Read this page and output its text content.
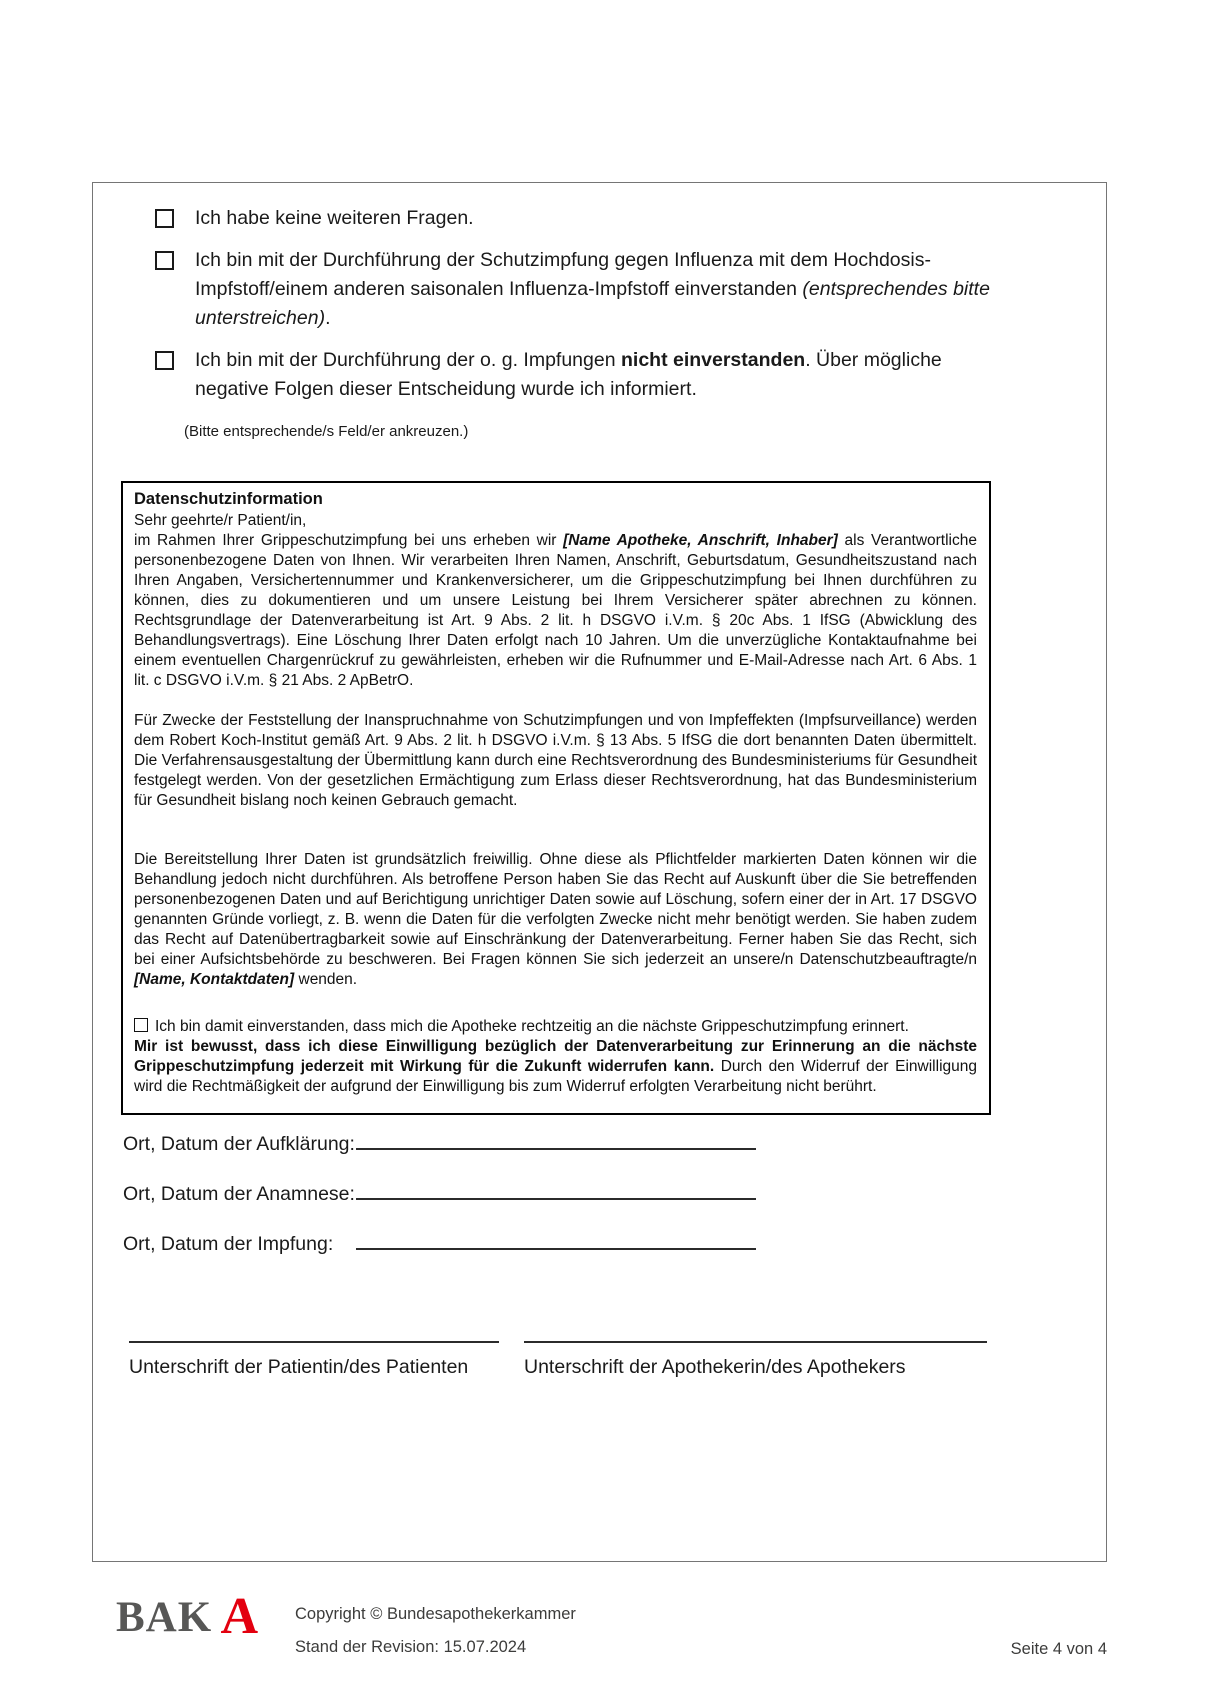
Ich habe keine weiteren Fragen.
Ich bin mit der Durchführung der Schutzimpfung gegen Influenza mit dem Hochdosis-Impfstoff/einem anderen saisonalen Influenza-Impfstoff einverstanden (entsprechendes bitte unterstreichen).
Ich bin mit der Durchführung der o. g. Impfungen nicht einverstanden. Über mögliche negative Folgen dieser Entscheidung wurde ich informiert.
(Bitte entsprechende/s Feld/er ankreuzen.)
Datenschutzinformation

Sehr geehrte/r Patient/in,

im Rahmen Ihrer Grippeschutzimpfung bei uns erheben wir [Name Apotheke, Anschrift, Inhaber] als Verantwortliche personenbezogene Daten von Ihnen. Wir verarbeiten Ihren Namen, Anschrift, Geburtsdatum, Gesundheitszustand nach Ihren Angaben, Versichertennummer und Krankenversicherer, um die Grippeschutzimpfung bei Ihnen durchführen zu können, dies zu dokumentieren und um unsere Leistung bei Ihrem Versicherer später abrechnen zu können. Rechtsgrundlage der Datenverarbeitung ist Art. 9 Abs. 2 lit. h DSGVO i.V.m. § 20c Abs. 1 IfSG (Abwicklung des Behandlungsvertrags). Eine Löschung Ihrer Daten erfolgt nach 10 Jahren. Um die unverzügliche Kontaktaufnahme bei einem eventuellen Chargenrückruf zu gewährleisten, erheben wir die Rufnummer und E-Mail-Adresse nach Art. 6 Abs. 1 lit. c DSGVO i.V.m. § 21 Abs. 2 ApBetrO.

Für Zwecke der Feststellung der Inanspruchnahme von Schutzimpfungen und von Impfeffekten (Impfsurveillance) werden dem Robert Koch-Institut gemäß Art. 9 Abs. 2 lit. h DSGVO i.V.m. § 13 Abs. 5 IfSG die dort benannten Daten übermittelt. Die Verfahrensausgestaltung der Übermittlung kann durch eine Rechtsverordnung des Bundesministeriums für Gesundheit festgelegt werden. Von der gesetzlichen Ermächtigung zum Erlass dieser Rechtsverordnung, hat das Bundesministerium für Gesundheit bislang noch keinen Gebrauch gemacht.

Die Bereitstellung Ihrer Daten ist grundsätzlich freiwillig. Ohne diese als Pflichtfelder markierten Daten können wir die Behandlung jedoch nicht durchführen. Als betroffene Person haben Sie das Recht auf Auskunft über die Sie betreffenden personenbezogenen Daten und auf Berichtigung unrichtiger Daten sowie auf Löschung, sofern einer der in Art. 17 DSGVO genannten Gründe vorliegt, z. B. wenn die Daten für die verfolgten Zwecke nicht mehr benötigt werden. Sie haben zudem das Recht auf Datenübertragbarkeit sowie auf Einschränkung der Datenverarbeitung. Ferner haben Sie das Recht, sich bei einer Aufsichtsbehörde zu beschweren. Bei Fragen können Sie sich jederzeit an unsere/n Datenschutzbeauftragte/n [Name, Kontaktdaten] wenden.

Ich bin damit einverstanden, dass mich die Apotheke rechtzeitig an die nächste Grippeschutzimpfung erinnert.
Mir ist bewusst, dass ich diese Einwilligung bezüglich der Datenverarbeitung zur Erinnerung an die nächste Grippeschutzimpfung jederzeit mit Wirkung für die Zukunft widerrufen kann. Durch den Widerruf der Einwilligung wird die Rechtmäßigkeit der aufgrund der Einwilligung bis zum Widerruf erfolgten Verarbeitung nicht berührt.

Ort, Datum der Aufklärung:
Ort, Datum der Anamnese:
Ort, Datum der Impfung:
Unterschrift der Patientin/des Patienten	Unterschrift der Apothekerin/des Apothekers
BAK A Copyright © Bundesapothekerkammer
Stand der Revision: 15.07.2024	Seite 4 von 4
